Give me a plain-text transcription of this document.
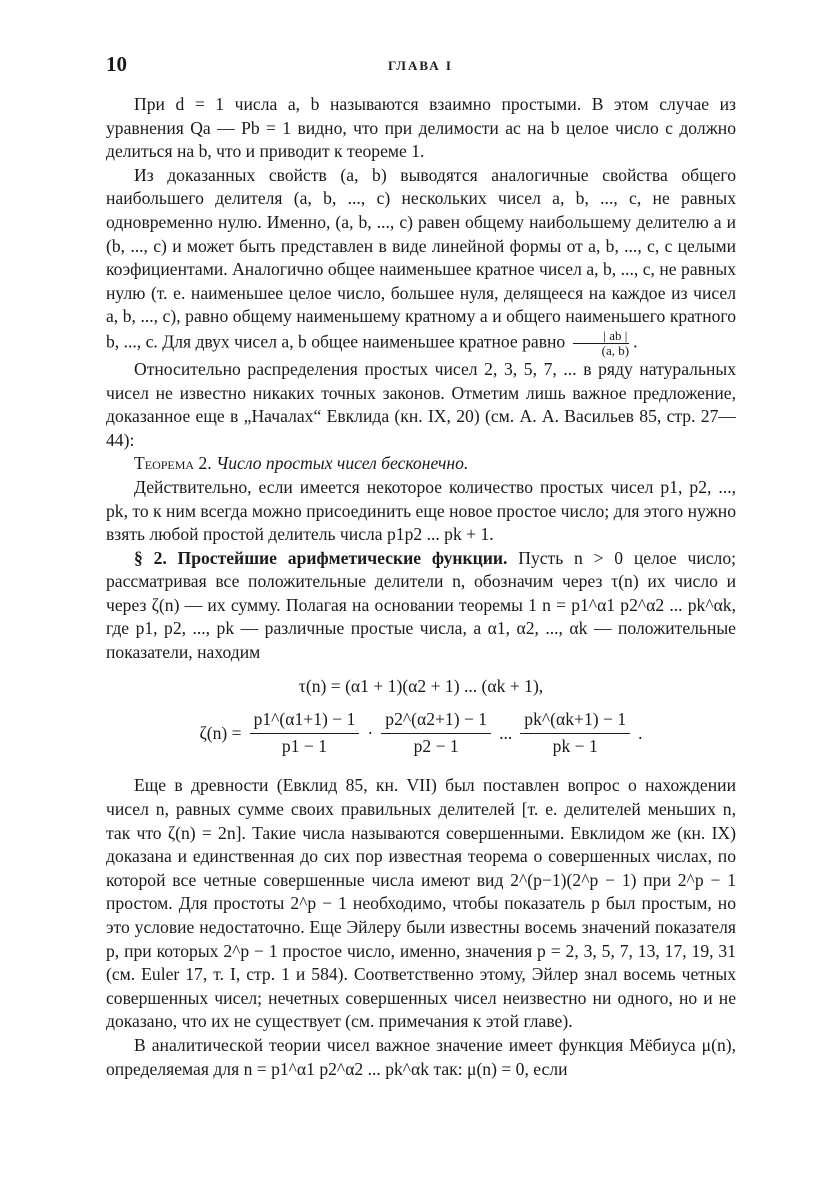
10	ГЛАВА I

При d = 1 числа a, b называются взаимно простыми. В этом случае из уравнения Qa — Pb = 1 видно, что при делимости ac на b целое число c должно делиться на b, что и приводит к теореме 1.

Из доказанных свойств (a, b) выводятся аналогичные свойства общего наибольшего делителя (a, b, ..., c) нескольких чисел a, b, ..., c, не равных одновременно нулю. Именно, (a, b, ..., c) равен общему наибольшему делителю a и (b, ..., c) и может быть представлен в виде линейной формы от a, b, ..., c, с целыми коэфициентами. Аналогично общее наименьшее кратное чисел a, b, ..., c, не равных нулю (т. е. наименьшее целое число, большее нуля, делящееся на каждое из чисел a, b, ..., c), равно общему наименьшему кратному a и общего наименьшего кратного b, ..., c. Для двух чисел a, b общее наименьшее кратное равно $\frac{| ab |}{(a, b)}$ .

Относительно распределения простых чисел 2, 3, 5, 7, ... в ряду натуральных чисел не известно никаких точных законов. Отметим лишь важное предложение, доказанное еще в „Началах“ Евклида (кн. IX, 20) (см. А. А. Васильев 85, стр. 27—44):

Теорема 2. Число простых чисел бесконечно.

Действительно, если имеется некоторое количество простых чисел p1, p2, ..., pk, то к ним всегда можно присоединить еще новое простое число; для этого нужно взять любой простой делитель числа p1p2 ... pk + 1.

§ 2. Простейшие арифметические функции. Пусть n > 0 целое число; рассматривая все положительные делители n, обозначим через τ(n) их число и через ζ(n) — их сумму. Полагая на основании теоремы 1 n = p1^α1 p2^α2 ... pk^αk, где p1, p2, ..., pk — различные простые числа, а α1, α2, ..., αk — положительные показатели, находим

τ(n) = (α1 + 1)(α2 + 1) ... (αk + 1),
$\zeta(n) = \frac{p1\^{}(\alpha 1+1) - 1}{p1 - 1} \cdot \frac{p2\^{}(\alpha 2+1) - 1}{p2 - 1}$ ... $\frac{pk\^{}(\alpha k+1) - 1}{pk - 1}$ .

Еще в древности (Евклид 85, кн. VII) был поставлен вопрос о нахождении чисел n, равных сумме своих правильных делителей [т. е. делителей меньших n, так что ζ(n) = 2n]. Такие числа называются совершенными. Евклидом же (кн. IX) доказана и единственная до сих пор известная теорема о совершенных числах, по которой все четные совершенные числа имеют вид 2^(p−1)(2^p − 1) при 2^p − 1 простом. Для простоты 2^p − 1 необходимо, чтобы показатель p был простым, но это условие недостаточно. Еще Эйлеру были известны восемь значений показателя p, при которых 2^p − 1 простое число, именно, значения p = 2, 3, 5, 7, 13, 17, 19, 31 (см. Euler 17, т. I, стр. 1 и 584). Соответственно этому, Эйлер знал восемь четных совершенных чисел; нечетных совершенных чисел неизвестно ни одного, но и не доказано, что их не существует (см. примечания к этой главе).

В аналитической теории чисел важное значение имеет функция Мёбиуса μ(n), определяемая для n = p1^α1 p2^α2 ... pk^αk так: μ(n) = 0, если
